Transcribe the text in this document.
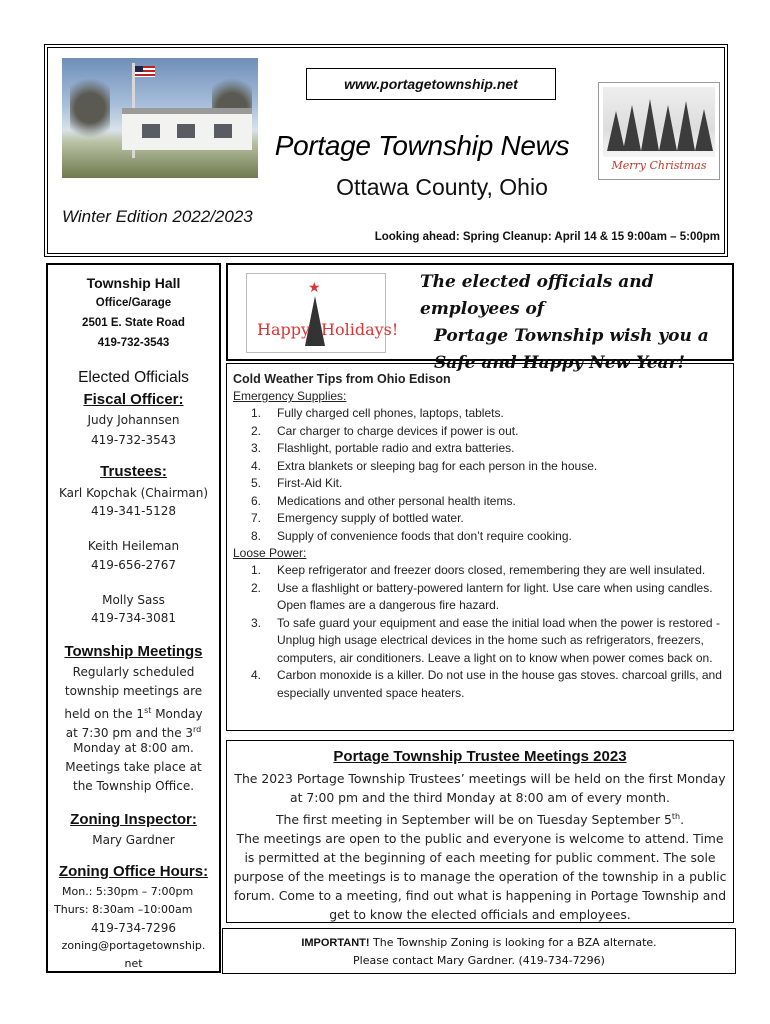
www.portagetownship.net
Portage Township News
Ottawa County, Ohio
Winter Edition 2022/2023
Looking ahead: Spring Cleanup: April 14 & 15 9:00am – 5:00pm
Merry Christmas
Township Hall
Office/Garage
2501 E. State Road
419-732-3543
Elected Officials
Fiscal Officer:
Judy Johannsen
419-732-3543
Trustees:
Karl Kopchak (Chairman)
419-341-5128
Keith Heileman
419-656-2767
Molly Sass
419-734-3081
Township Meetings
Regularly scheduled
township meetings are
held on the 1st Monday
at 7:30 pm and the 3rd
Monday at 8:00 am.
Meetings take place at
the Township Office.
Zoning Inspector:
Mary Gardner
Zoning Office Hours:
Mon.: 5:30pm – 7:00pm
Thurs: 8:30am –10:00am
419-734-7296
zoning@portagetownship.
net
★
Happy Holidays!
The elected officials and employees of
Portage Township wish you a
Safe and Happy New Year!
Cold Weather Tips from Ohio Edison
Emergency Supplies:
1. Fully charged cell phones, laptops, tablets.
2. Car charger to charge devices if power is out.
3. Flashlight, portable radio and extra batteries.
4. Extra blankets or sleeping bag for each person in the house.
5. First-Aid Kit.
6. Medications and other personal health items.
7. Emergency supply of bottled water.
8. Supply of convenience foods that don’t require cooking.
Loose Power:
1. Keep refrigerator and freezer doors closed, remembering they are well insulated.
2. Use a flashlight or battery-powered lantern for light. Use care when using candles. Open flames are a dangerous fire hazard.
3. To safe guard your equipment and ease the initial load when the power is restored - Unplug high usage electrical devices in the home such as refrigerators, freezers, computers, air conditioners. Leave a light on to know when power comes back on.
4. Carbon monoxide is a killer. Do not use in the house gas stoves. charcoal grills, and especially unvented space heaters.
Portage Township Trustee Meetings 2023
The 2023 Portage Township Trustees’ meetings will be held on the first Monday at 7:00 pm and the third Monday at 8:00 am of every month.
The first meeting in September will be on Tuesday September 5th.
The meetings are open to the public and everyone is welcome to attend. Time is permitted at the beginning of each meeting for public comment. The sole purpose of the meetings is to manage the operation of the township in a public forum. Come to a meeting, find out what is happening in Portage Township and get to know the elected officials and employees.
IMPORTANT! The Township Zoning is looking for a BZA alternate.
Please contact Mary Gardner. (419-734-7296)
